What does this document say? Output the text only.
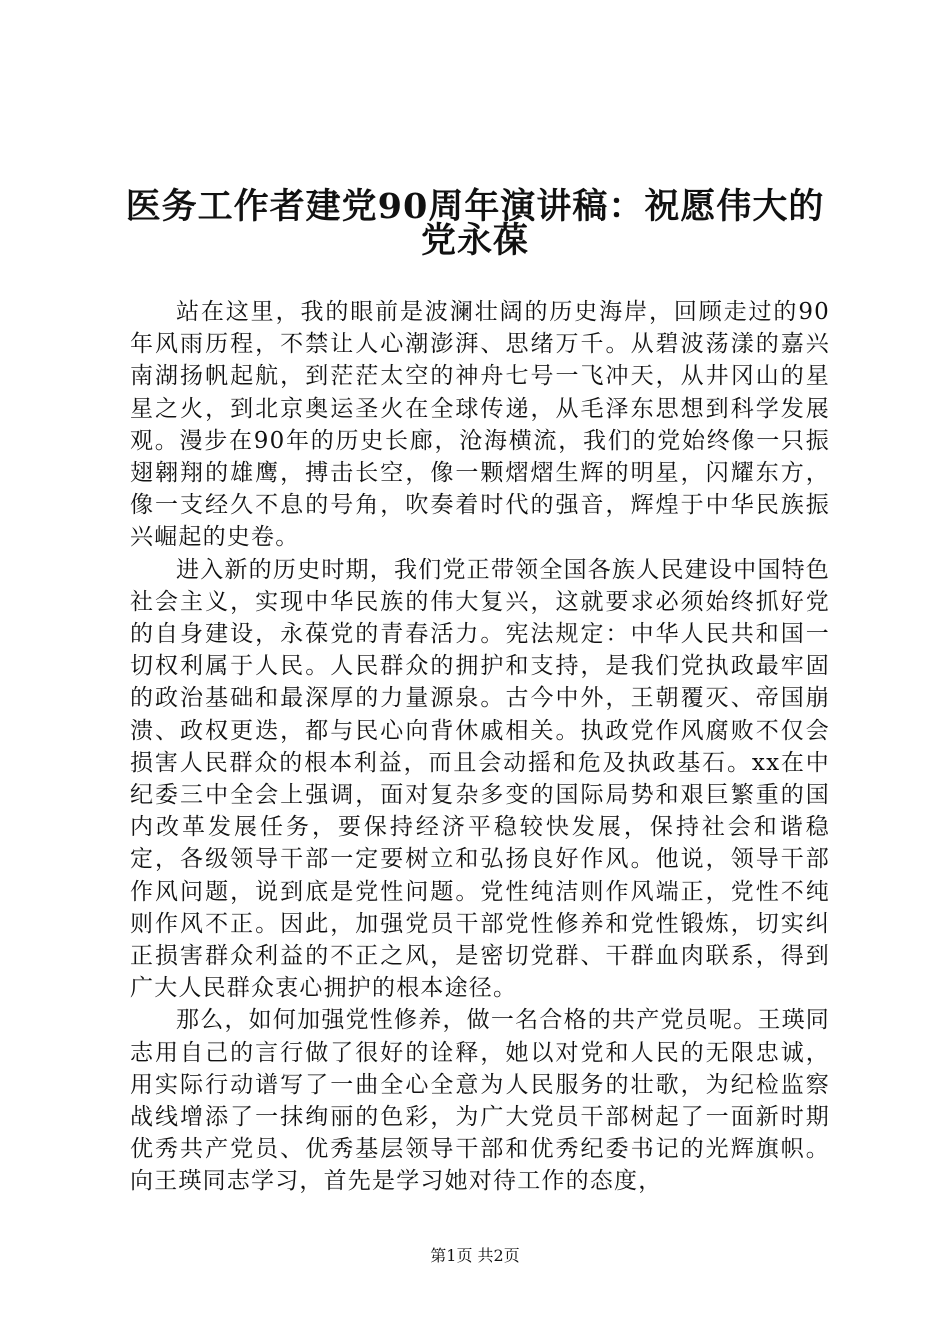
医务工作者建党90周年演讲稿：祝愿伟大的
党永葆

站在这里，我的眼前是波澜壮阔的历史海岸，回顾走过的90年风雨历程，不禁让人心潮澎湃、思绪万千。从碧波荡漾的嘉兴南湖扬帆起航，到茫茫太空的神舟七号一飞冲天，从井冈山的星星之火，到北京奥运圣火在全球传递，从毛泽东思想到科学发展观。漫步在90年的历史长廊，沧海横流，我们的党始终像一只振翅翱翔的雄鹰，搏击长空，像一颗熠熠生辉的明星，闪耀东方，像一支经久不息的号角，吹奏着时代的强音，辉煌于中华民族振兴崛起的史卷。

进入新的历史时期，我们党正带领全国各族人民建设中国特色社会主义，实现中华民族的伟大复兴，这就要求必须始终抓好党的自身建设，永葆党的青春活力。宪法规定：中华人民共和国一切权利属于人民。人民群众的拥护和支持，是我们党执政最牢固的政治基础和最深厚的力量源泉。古今中外，王朝覆灭、帝国崩溃、政权更迭，都与民心向背休戚相关。执政党作风腐败不仅会损害人民群众的根本利益，而且会动摇和危及执政基石。xx在中纪委三中全会上强调，面对复杂多变的国际局势和艰巨繁重的国内改革发展任务，要保持经济平稳较快发展，保持社会和谐稳定，各级领导干部一定要树立和弘扬良好作风。他说，领导干部作风问题，说到底是党性问题。党性纯洁则作风端正，党性不纯则作风不正。因此，加强党员干部党性修养和党性锻炼，切实纠正损害群众利益的不正之风，是密切党群、干群血肉联系，得到广大人民群众衷心拥护的根本途径。

那么，如何加强党性修养，做一名合格的共产党员呢。王瑛同志用自己的言行做了很好的诠释，她以对党和人民的无限忠诚，用实际行动谱写了一曲全心全意为人民服务的壮歌，为纪检监察战线增添了一抹绚丽的色彩，为广大党员干部树起了一面新时期优秀共产党员、优秀基层领导干部和优秀纪委书记的光辉旗帜。向王瑛同志学习，首先是学习她对待工作的态度，

第1页 共2页
